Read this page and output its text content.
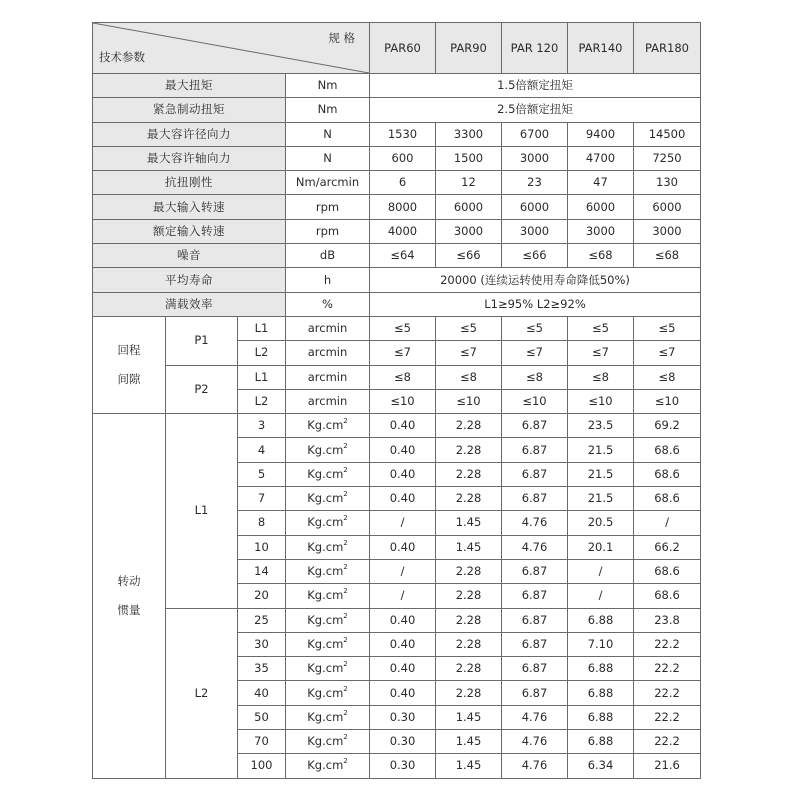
规 格
技术参数				PAR60	PAR90	PAR 120	PAR140	PAR180
最大扭矩			Nm	1.5倍额定扭矩				
紧急制动扭矩			Nm	2.5倍额定扭矩				
最大容许径向力			N	1530	3300	6700	9400	14500
最大容许轴向力			N	600	1500	3000	4700	7250
抗扭刚性			Nm/arcmin	6	12	23	47	130
最大输入转速			rpm	8000	6000	6000	6000	6000
额定输入转速			rpm	4000	3000	3000	3000	3000
噪音			dB	≤64	≤66	≤66	≤68	≤68
平均寿命			h	20000 (连续运转使用寿命降低50%)				
满载效率			%	L1≥95% L2≥92%				

回程
间隙	P1	L1	arcmin	≤5	≤5	≤5	≤5	≤5
		L2	arcmin	≤7	≤7	≤7	≤7	≤7
	P2	L1	arcmin	≤8	≤8	≤8	≤8	≤8
		L2	arcmin	≤10	≤10	≤10	≤10	≤10

转动
惯量	L1	3	$Kg.cm^2$	0.40	2.28	6.87	23.5	69.2
		4	$Kg.cm^2$	0.40	2.28	6.87	21.5	68.6
		5	$Kg.cm^2$	0.40	2.28	6.87	21.5	68.6
		7	$Kg.cm^2$	0.40	2.28	6.87	21.5	68.6
		8	$Kg.cm^2$	/	1.45	4.76	20.5	/
		10	$Kg.cm^2$	0.40	1.45	4.76	20.1	66.2
		14	$Kg.cm^2$	/	2.28	6.87	/	68.6
		20	$Kg.cm^2$	/	2.28	6.87	/	68.6
	L2	25	$Kg.cm^2$	0.40	2.28	6.87	6.88	23.8
		30	$Kg.cm^2$	0.40	2.28	6.87	7.10	22.2
		35	$Kg.cm^2$	0.40	2.28	6.87	6.88	22.2
		40	$Kg.cm^2$	0.40	2.28	6.87	6.88	22.2
		50	$Kg.cm^2$	0.30	1.45	4.76	6.88	22.2
		70	$Kg.cm^2$	0.30	1.45	4.76	6.88	22.2
		100	$Kg.cm^2$	0.30	1.45	4.76	6.34	21.6
